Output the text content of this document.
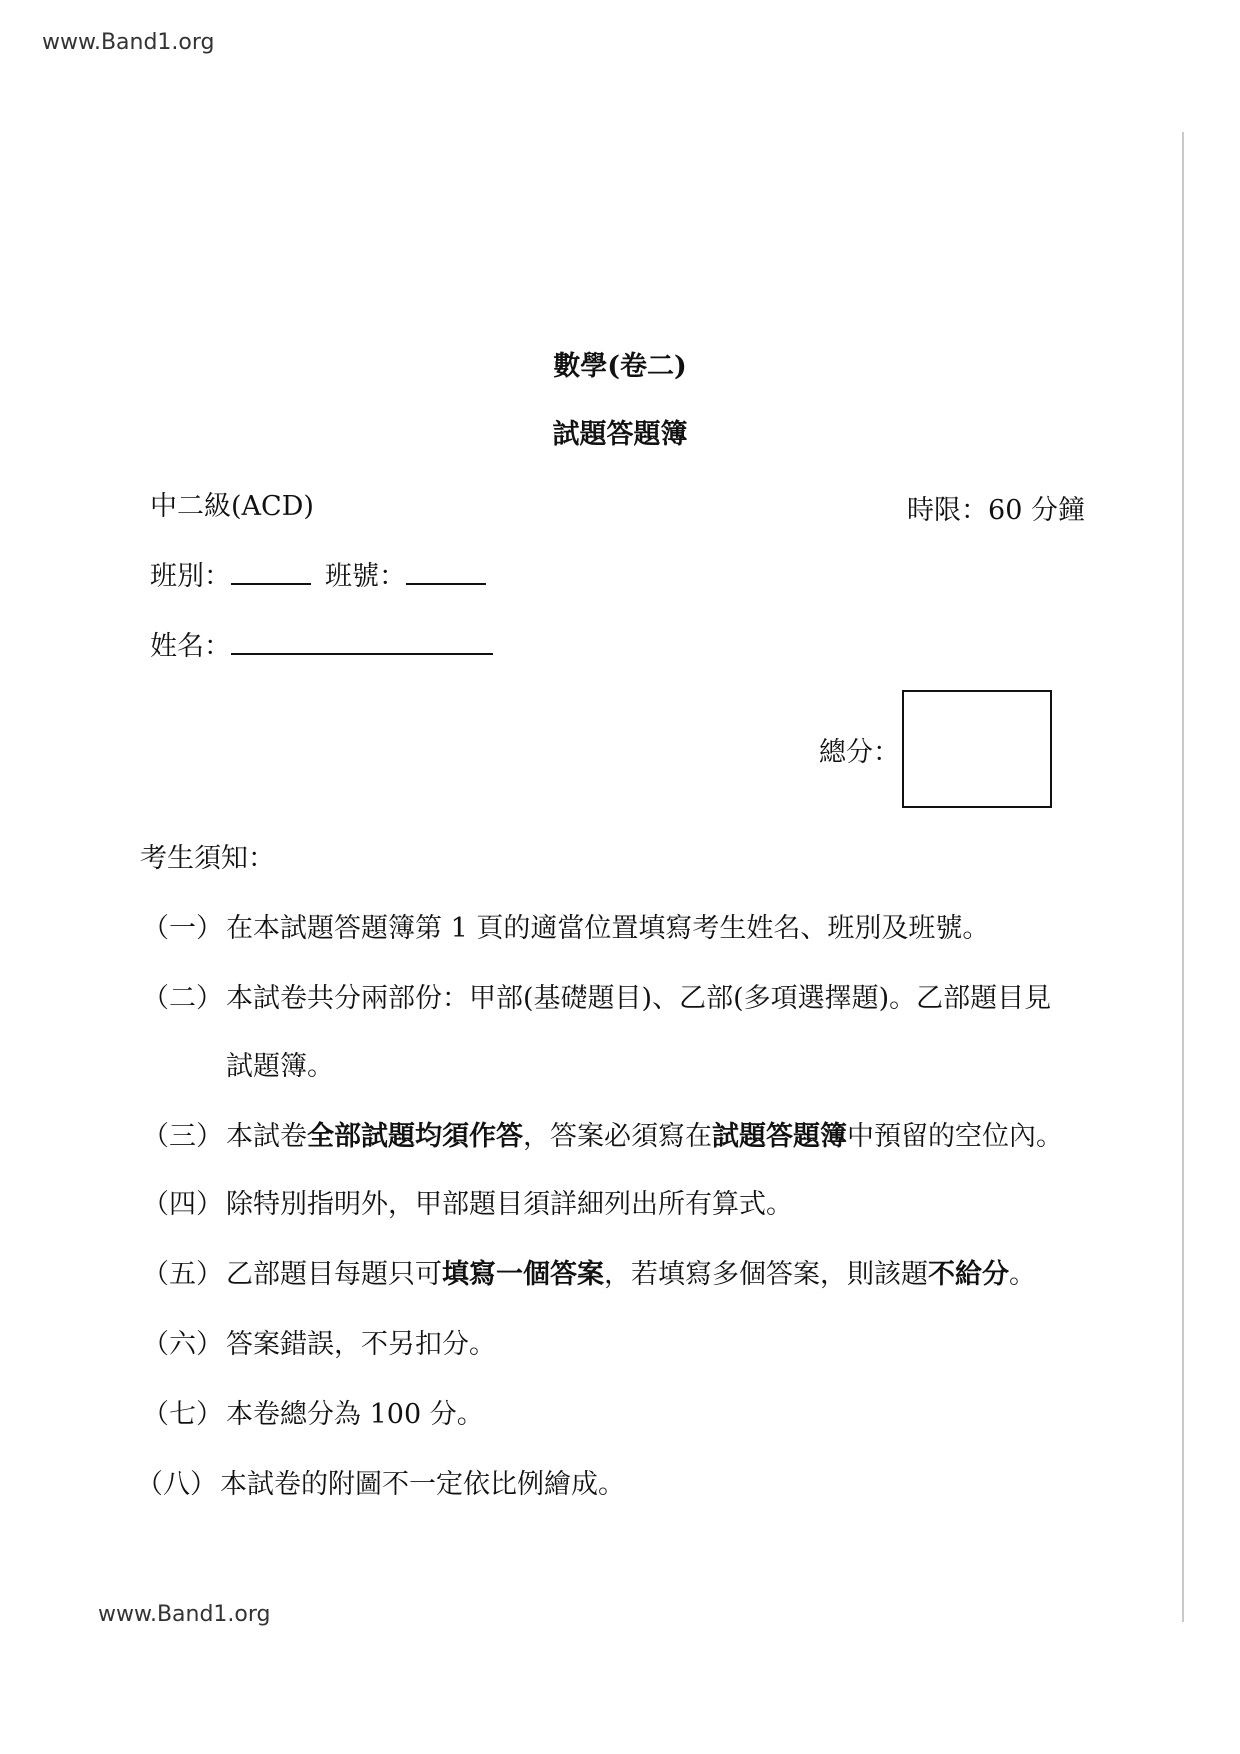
www.Band1.org
數學(卷二)
試題答題簿
中二級(ACD)	時限：60 分鐘
班別：	班號：
姓名：
總分：
考生須知：
（一） 在本試題答題簿第 1 頁的適當位置填寫考生姓名、班別及班號。
（二） 本試卷共分兩部份：甲部(基礎題目)、乙部(多項選擇題)。乙部題目見
試題簿。
（三） 本試卷全部試題均須作答，答案必須寫在試題答題簿中預留的空位內。
（四） 除特別指明外，甲部題目須詳細列出所有算式。
（五） 乙部題目每題只可填寫一個答案，若填寫多個答案，則該題不給分。
（六） 答案錯誤，不另扣分。
（七） 本卷總分為 100 分。
（八） 本試卷的附圖不一定依比例繪成。
www.Band1.org
